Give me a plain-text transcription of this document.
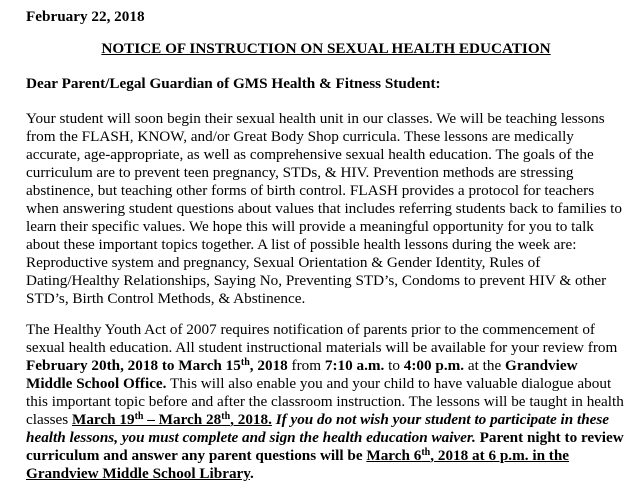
February 22, 2018
NOTICE OF INSTRUCTION ON SEXUAL HEALTH EDUCATION
Dear Parent/Legal Guardian of GMS Health & Fitness Student:

Your student will soon begin their sexual health unit in our classes. We will be teaching lessons from the FLASH, KNOW, and/or Great Body Shop curricula. These lessons are medically accurate, age-appropriate, as well as comprehensive sexual health education. The goals of the curriculum are to prevent teen pregnancy, STDs, & HIV. Prevention methods are stressing abstinence, but teaching other forms of birth control. FLASH provides a protocol for teachers when answering student questions about values that includes referring students back to families to learn their specific values. We hope this will provide a meaningful opportunity for you to talk about these important topics together. A list of possible health lessons during the week are: Reproductive system and pregnancy, Sexual Orientation & Gender Identity, Rules of Dating/Healthy Relationships, Saying No, Preventing STD’s, Condoms to prevent HIV & other STD’s, Birth Control Methods, & Abstinence.

The Healthy Youth Act of 2007 requires notification of parents prior to the commencement of sexual health education. All student instructional materials will be available for your review from February 20th, 2018 to March 15th, 2018 from 7:10 a.m. to 4:00 p.m. at the Grandview Middle School Office. This will also enable you and your child to have valuable dialogue about this important topic before and after the classroom instruction. The lessons will be taught in health classes March 19th – March 28th, 2018. If you do not wish your student to participate in these health lessons, you must complete and sign the health education waiver. Parent night to review curriculum and answer any parent questions will be March 6th, 2018 at 6 p.m. in the Grandview Middle School Library.
